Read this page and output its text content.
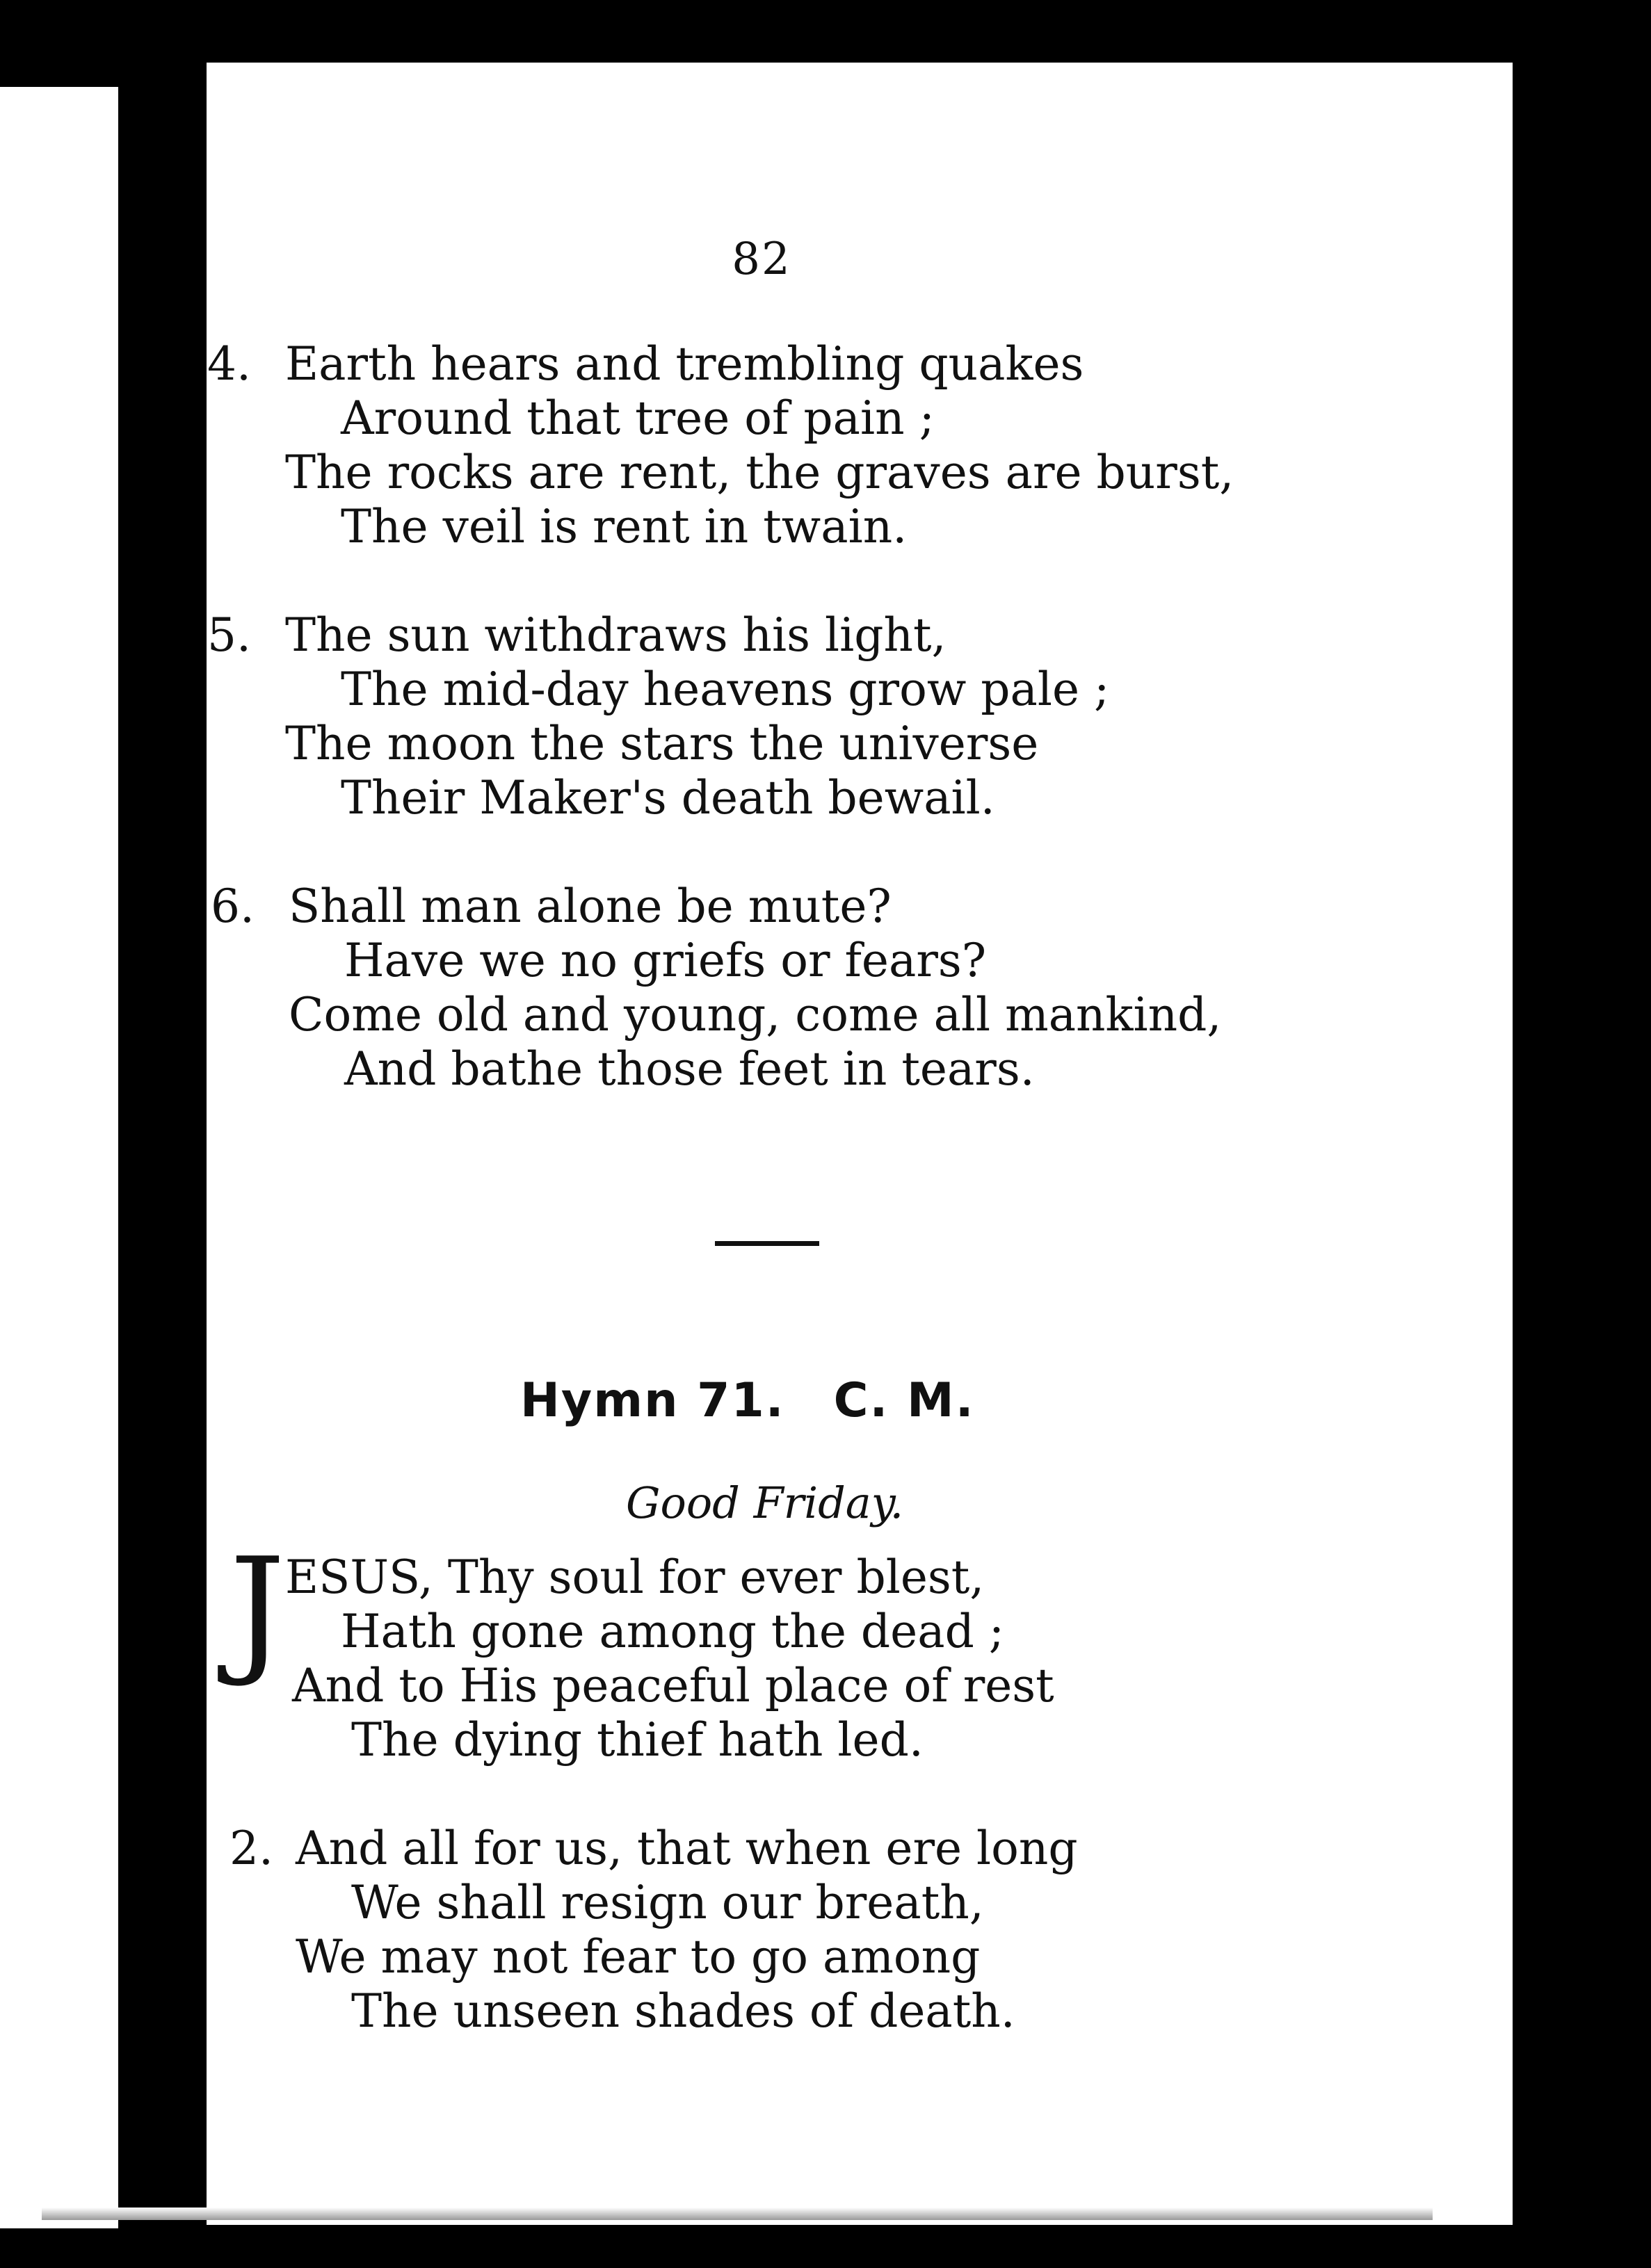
82
4. Earth hears and trembling quakes
Around that tree of pain ;
The rocks are rent, the graves are burst,
The veil is rent in twain.
5. The sun withdraws his light,
The mid-day heavens grow pale ;
The moon the stars the universe
Their Maker's death bewail.
6. Shall man alone be mute?
Have we no griefs or fears?
Come old and young, come all mankind,
And bathe those feet in tears.
Hymn 71. C. M.
Good Friday.
J ESUS, Thy soul for ever blest,
Hath gone among the dead ;
And to His peaceful place of rest
The dying thief hath led.
2. And all for us, that when ere long
We shall resign our breath,
We may not fear to go among
The unseen shades of death.
